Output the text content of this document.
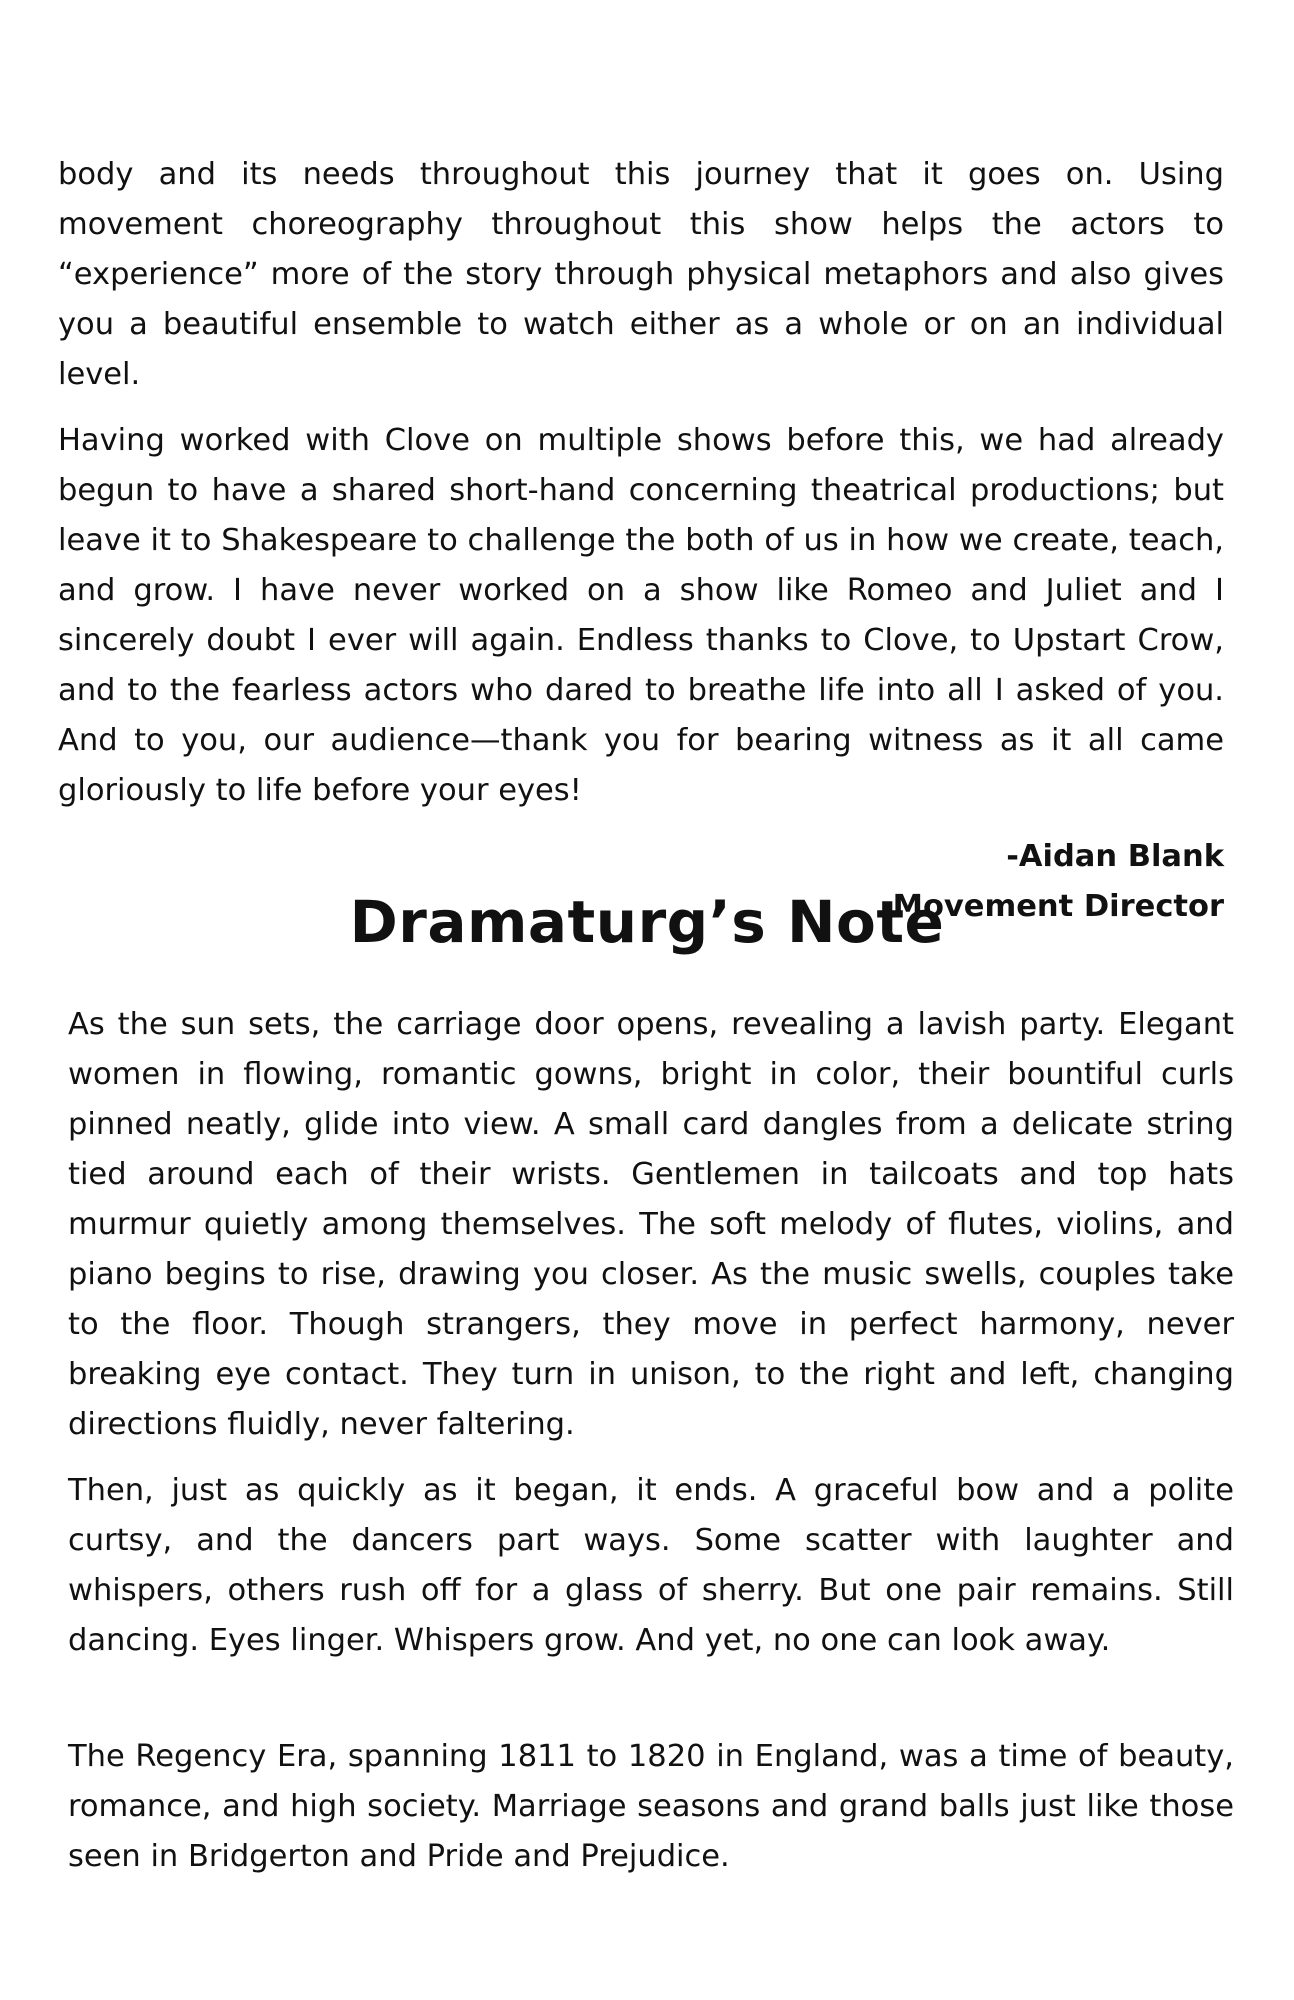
body and its needs throughout this journey that it goes on. Using movement choreography throughout this show helps the actors to “experience” more of the story through physical metaphors and also gives you a beautiful ensemble to watch either as a whole or on an individual level.

Having worked with Clove on multiple shows before this, we had already begun to have a shared short-hand concerning theatrical productions; but leave it to Shakespeare to challenge the both of us in how we create, teach, and grow. I have never worked on a show like Romeo and Juliet and I sincerely doubt I ever will again. Endless thanks to Clove, to Upstart Crow, and to the fearless actors who dared to breathe life into all I asked of you. And to you, our audience—thank you for bearing witness as it all came gloriously to life before your eyes!

-Aidan Blank

Movement Director

Dramaturg’s Note

As the sun sets, the carriage door opens, revealing a lavish party. Elegant women in flowing, romantic gowns, bright in color, their bountiful curls pinned neatly, glide into view. A small card dangles from a delicate string tied around each of their wrists. Gentlemen in tailcoats and top hats murmur quietly among themselves. The soft melody of flutes, violins, and piano begins to rise, drawing you closer. As the music swells, couples take to the floor. Though strangers, they move in perfect harmony, never breaking eye contact. They turn in unison, to the right and left, changing directions fluidly, never faltering.

Then, just as quickly as it began, it ends. A graceful bow and a polite curtsy, and the dancers part ways. Some scatter with laughter and whispers, others rush off for a glass of sherry. But one pair remains. Still dancing. Eyes linger. Whispers grow. And yet, no one can look away.

The Regency Era, spanning 1811 to 1820 in England, was a time of beauty, romance, and high society. Marriage seasons and grand balls just like those seen in Bridgerton and Pride and Prejudice.
